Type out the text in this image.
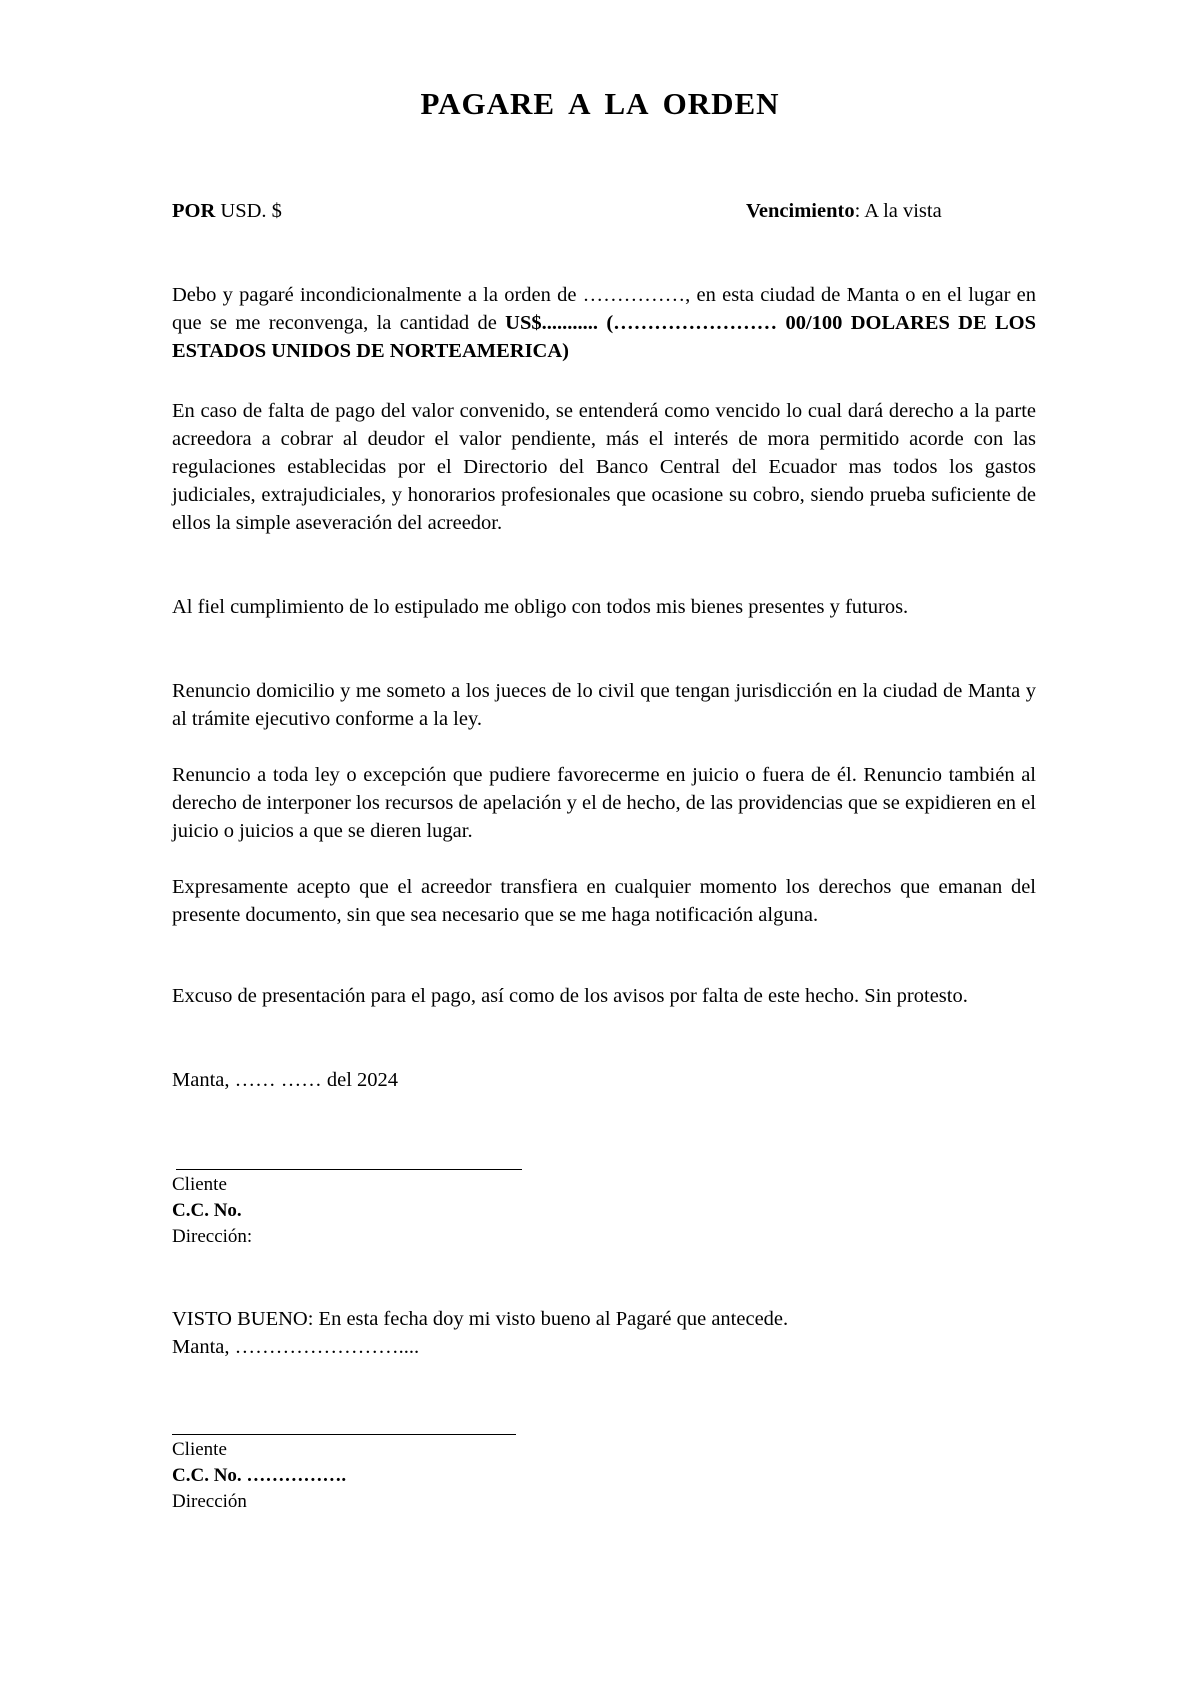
PAGARE A LA ORDEN
POR USD. $	Vencimiento: A la vista
Debo y pagaré incondicionalmente a la orden de ……………, en esta ciudad de Manta o en el lugar en que se me reconvenga, la cantidad de US$........... (…………………… 00/100 DOLARES DE LOS ESTADOS UNIDOS DE NORTEAMERICA)
En caso de falta de pago del valor convenido, se entenderá como vencido lo cual dará derecho a la parte acreedora a cobrar al deudor el valor pendiente, más el interés de mora permitido acorde con las regulaciones establecidas por el Directorio del Banco Central del Ecuador mas todos los gastos judiciales, extrajudiciales, y honorarios profesionales que ocasione su cobro, siendo prueba suficiente de ellos la simple aseveración del acreedor.
Al fiel cumplimiento de lo estipulado me obligo con todos mis bienes presentes y futuros.
Renuncio domicilio y me someto a los jueces de lo civil que tengan jurisdicción en la ciudad de Manta y al trámite ejecutivo conforme a la ley.
Renuncio a toda ley o excepción que pudiere favorecerme en juicio o fuera de él. Renuncio también al derecho de interponer los recursos de apelación y el de hecho, de las providencias que se expidieren en el juicio o juicios a que se dieren lugar.
Expresamente acepto que el acreedor transfiera en cualquier momento los derechos que emanan del presente documento, sin que sea necesario que se me haga notificación alguna.
Excuso de presentación para el pago, así como de los avisos por falta de este hecho. Sin protesto.
Manta, …… …… del 2024
Cliente
C.C. No.
Dirección:
VISTO BUENO: En esta fecha doy mi visto bueno al Pagaré que antecede.
Manta, ……………………....
Cliente
C.C. No. …………….
Dirección
